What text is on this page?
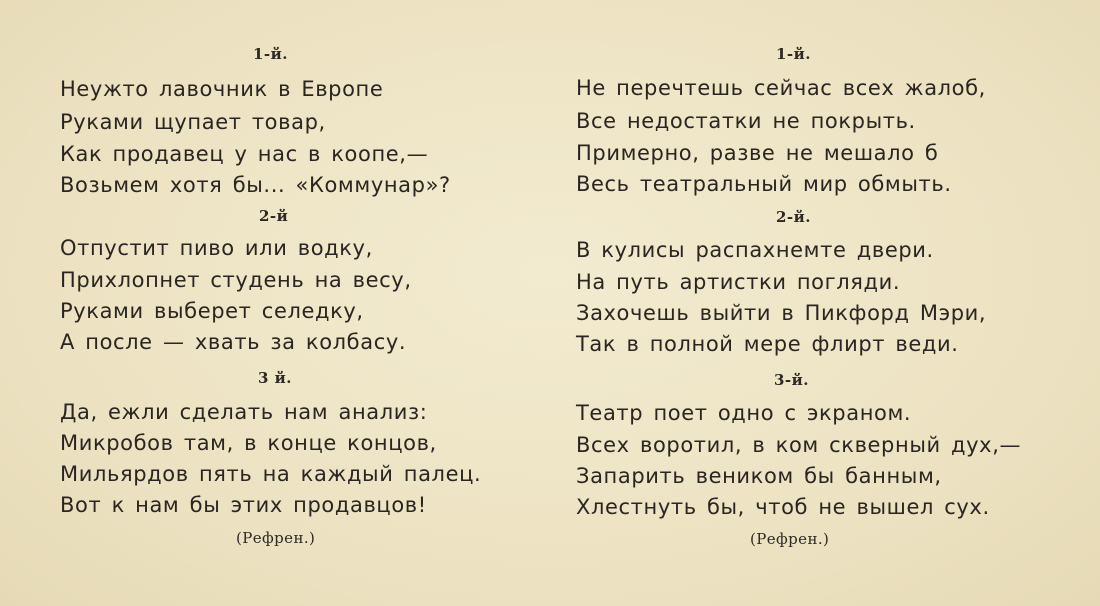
1-й.
Неужто лавочник в Европе
Руками щупает товар,
Как продавец у нас в коопе,—
Возьмем хотя бы... «Коммунар»?
2-й
Отпустит пиво или водку,
Прихлопнет студень на весу,
Руками выберет селедку,
А после — хвать за колбасу.
3 й.
Да, ежли сделать нам анализ:
Микробов там, в конце концов,
Мильярдов пять на каждый палец.
Вот к нам бы этих продавцов!
(Рефрен.)
1-й.
Не перечтешь сейчас всех жалоб,
Все недостатки не покрыть.
Примерно, разве не мешало б
Весь театральный мир обмыть.
2-й.
В кулисы распахнемте двери.
На путь артистки погляди.
Захочешь выйти в Пикфорд Мэри,
Так в полной мере флирт веди.
3-й.
Театр поет одно с экраном.
Всех воротил, в ком скверный дух,—
Запарить веником бы банным,
Хлестнуть бы, чтоб не вышел сух.
(Рефрен.)
